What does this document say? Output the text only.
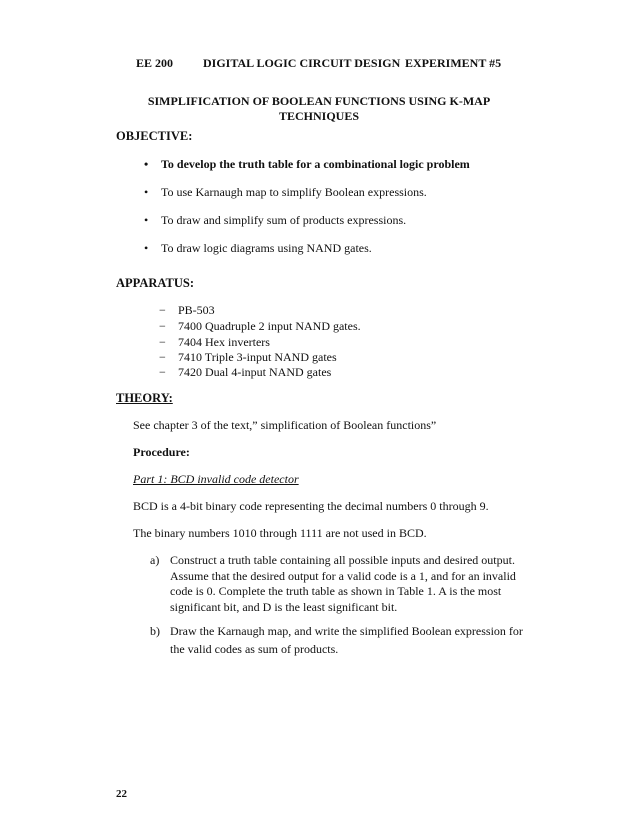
EE 200 DIGITAL LOGIC CIRCUIT DESIGN EXPERIMENT #5
SIMPLIFICATION OF BOOLEAN FUNCTIONS USING K-MAP
TECHNIQUES
OBJECTIVE:
• To develop the truth table for a combinational logic problem
• To use Karnaugh map to simplify Boolean expressions.
• To draw and simplify sum of products expressions.
• To draw logic diagrams using NAND gates.
APPARATUS:
− PB-503
− 7400 Quadruple 2 input NAND gates.
− 7404 Hex inverters
− 7410 Triple 3-input NAND gates
− 7420 Dual 4-input NAND gates
THEORY:
See chapter 3 of the text,” simplification of Boolean functions”
Procedure:
Part 1: BCD invalid code detector
BCD is a 4-bit binary code representing the decimal numbers 0 through 9.
The binary numbers 1010 through 1111 are not used in BCD.
a) Construct a truth table containing all possible inputs and desired output.
Assume that the desired output for a valid code is a 1, and for an invalid
code is 0. Complete the truth table as shown in Table 1. A is the most
significant bit, and D is the least significant bit.
b) Draw the Karnaugh map, and write the simplified Boolean expression for
the valid codes as sum of products.
22
